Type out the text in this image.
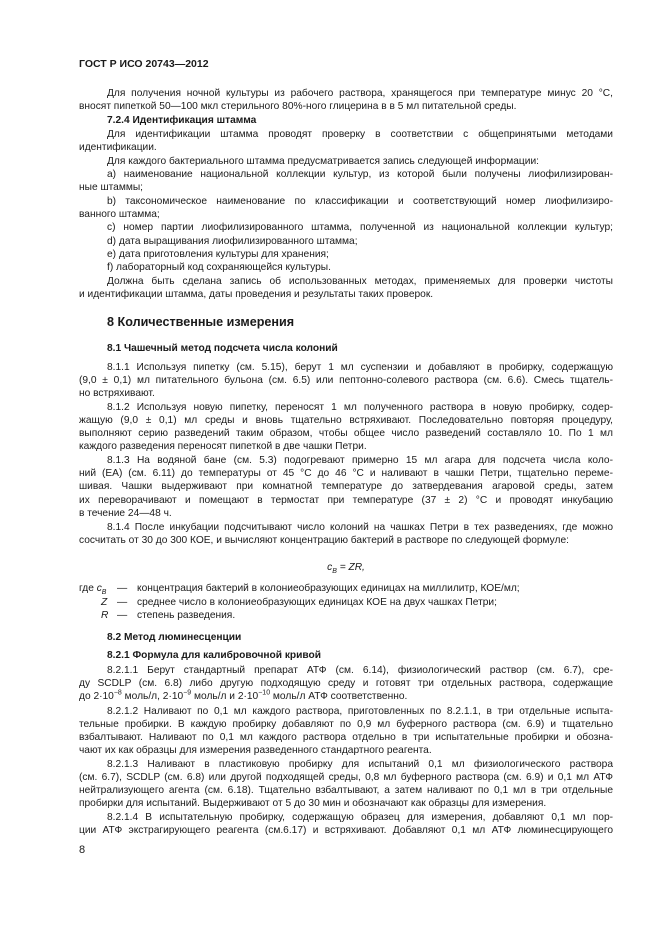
ГОСТ Р ИСО 20743—2012
Для получения ночной культуры из рабочего раствора, хранящегося при температуре минус 20 °С,
вносят пипеткой 50—100 мкл стерильного 80%-ного глицерина в в 5 мл питательной среды.
7.2.4 Идентификация штамма
Для идентификации штамма проводят проверку в соответствии с общепринятыми методами
идентификации.
Для каждого бактериального штамма предусматривается запись следующей информации:
a) наименование национальной коллекции культур, из которой были получены лиофилизирован-
ные штаммы;
b) таксономическое наименование по классификации и соответствующий номер лиофилизиро-
ванного штамма;
c) номер партии лиофилизированного штамма, полученной из национальной коллекции культур;
d) дата выращивания лиофилизированного штамма;
e) дата приготовления культуры для хранения;
f) лабораторный код сохраняющейся культуры.
Должна быть сделана запись об использованных методах, применяемых для проверки чистоты
и идентификации штамма, даты проведения и результаты таких проверок.
8 Количественные измерения
8.1 Чашечный метод подсчета числа колоний
8.1.1 Используя пипетку (см. 5.15), берут 1 мл суспензии и добавляют в пробирку, содержащую
(9,0 ± 0,1) мл питательного бульона (см. 6.5) или пептонно-солевого раствора (см. 6.6). Смесь тщатель-
но встряхивают.
8.1.2 Используя новую пипетку, переносят 1 мл полученного раствора в новую пробирку, содер-
жащую (9,0 ± 0,1) мл среды и вновь тщательно встряхивают. Последовательно повторяя процедуру,
выполняют серию разведений таким образом, чтобы общее число разведений составляло 10. По 1 мл
каждого разведения переносят пипеткой в две чашки Петри.
8.1.3 На водяной бане (см. 5.3) подогревают примерно 15 мл агара для подсчета числа коло-
ний (ЕА) (см. 6.11) до температуры от 45 °С до 46 °С и наливают в чашки Петри, тщательно переме-
шивая. Чашки выдерживают при комнатной температуре до затвердевания агаровой среды, затем
их переворачивают и помещают в термостат при температуре (37 ± 2) °С и проводят инкубацию
в течение 24—48 ч.
8.1.4 После инкубации подсчитывают число колоний на чашках Петри в тех разведениях, где можно
сосчитать от 30 до 300 КОЕ, и вычисляют концентрацию бактерий в растворе по следующей формуле:
$c_B$ = ZR,
где $c_B$ — концентрация бактерий в колониеобразующих единицах на миллилитр, КОЕ/мл;
Z — среднее число в колониеобразующих единицах КОЕ на двух чашках Петри;
R — степень разведения.
8.2 Метод люминесценции
8.2.1 Формула для калибровочной кривой
8.2.1.1 Берут стандартный препарат АТФ (см. 6.14), физиологический раствор (см. 6.7), сре-
ду SCDLP (см. 6.8) либо другую подходящую среду и готовят три отдельных раствора, содержащие
до $2\cdot 10^{-8}$ моль/л, $2\cdot 10^{-9}$ моль/л и $2\cdot 10^{-10}$ моль/л АТФ соответственно.
8.2.1.2 Наливают по 0,1 мл каждого раствора, приготовленных по 8.2.1.1, в три отдельные испыта-
тельные пробирки. В каждую пробирку добавляют по 0,9 мл буферного раствора (см. 6.9) и тщательно
взбалтывают. Наливают по 0,1 мл каждого раствора отдельно в три испытательные пробирки и обозна-
чают их как образцы для измерения разведенного стандартного реагента.
8.2.1.3 Наливают в пластиковую пробирку для испытаний 0,1 мл физиологического раствора
(см. 6.7), SCDLP (см. 6.8) или другой подходящей среды, 0,8 мл буферного раствора (см. 6.9) и 0,1 мл АТФ
нейтрализующего агента (см. 6.18). Тщательно взбалтывают, а затем наливают по 0,1 мл в три отдельные
пробирки для испытаний. Выдерживают от 5 до 30 мин и обозначают как образцы для измерения.
8.2.1.4 В испытательную пробирку, содержащую образец для измерения, добавляют 0,1 мл пор-
ции АТФ экстрагирующего реагента (см.6.17) и встряхивают. Добавляют 0,1 мл АТФ люминесцирующего
8
